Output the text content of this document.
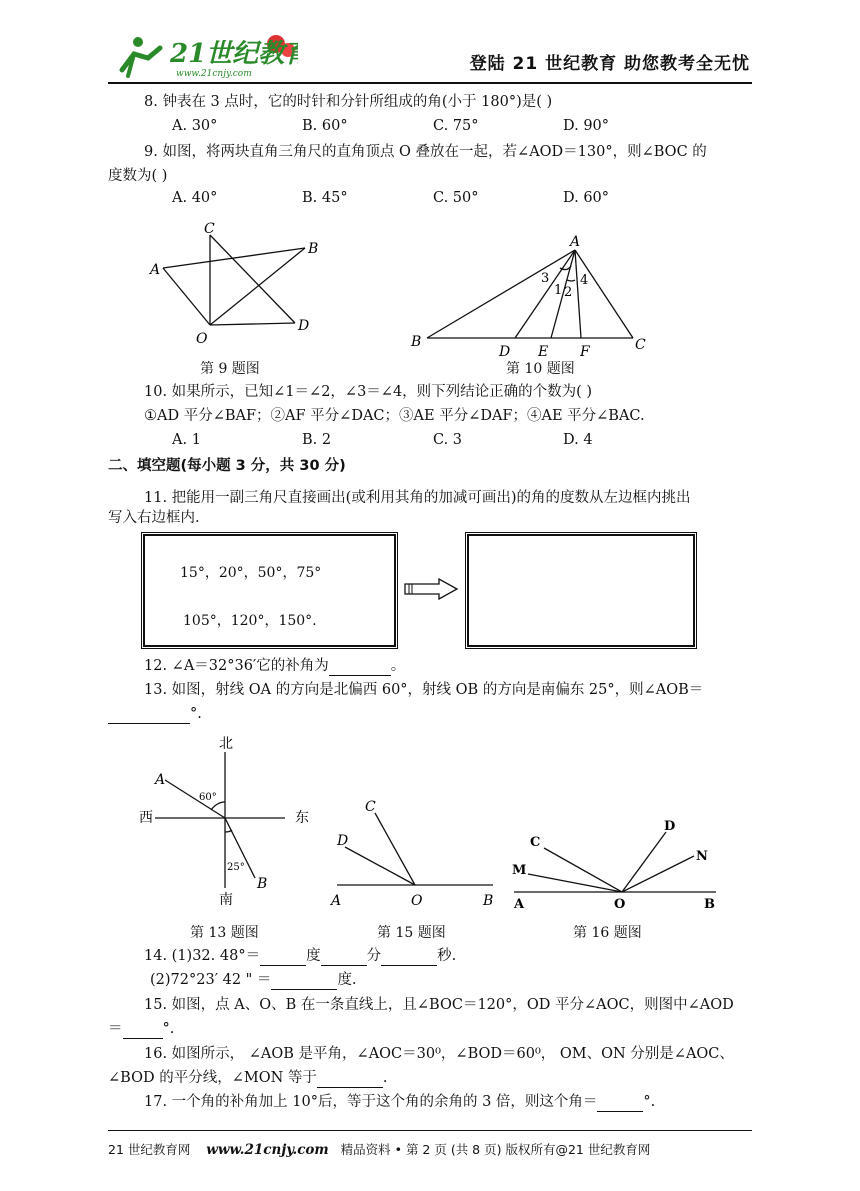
21世纪教育
www.21cnjy.com	登陆 21 世纪教育 助您教考全无忧
8. 钟表在 3 点时，它的时针和分针所组成的角(小于 180°)是( )
A. 30°	B. 60°	C. 75°	D. 90°
9. 如图，将两块直角三角尺的直角顶点 O 叠放在一起，若∠AOD＝130°，则∠BOC 的
度数为( )
A. 40°	B. 45°	C. 50°	D. 60°
A
B
C
O
D
第 9 题图
A
B	C
D E F
1 2
3 4
第 10 题图
10. 如果所示，已知∠1＝∠2，∠3＝∠4，则下列结论正确的个数为( )
①AD 平分∠BAF；②AF 平分∠DAC；③AE 平分∠DAF；④AE 平分∠BAC.
A. 1	B. 2	C. 3	D. 4
二、填空题(每小题 3 分，共 30 分)
11. 把能用一副三角尺直接画出(或利用其角的加减可画出)的角的度数从左边框内挑出
写入右边框内.
15°，20°，50°，75°
105°，120°，150°.
12. ∠A＝32°36′它的补角为	。
13. 如图，射线 OA 的方向是北偏西 60°，射线 OB 的方向是南偏东 25°，则∠AOB＝
°.
北
西	东
南
60°
25°
A
B
第 13 题图
C
D
A	O	B
第 15 题图
C
D
N
M
A	O	B
第 16 题图
14. (1)32. 48°＝	度	分	秒.
(2)72°23′ 42 " ＝	度.
15. 如图，点 A、O、B 在一条直线上，且∠BOC＝120°，OD 平分∠AOC，则图中∠AOD
＝	°.
16. 如图所示， ∠AOB 是平角，∠AOC＝30⁰，∠BOD＝60⁰， OM、ON 分别是∠AOC、
∠BOD 的平分线，∠MON 等于	.
17. 一个角的补角加上 10°后，等于这个角的余角的 3 倍，则这个角＝	°.
21 世纪教育网 www.21cnjy.com 精品资料 • 第 2 页 (共 8 页) 版权所有@21 世纪教育网
